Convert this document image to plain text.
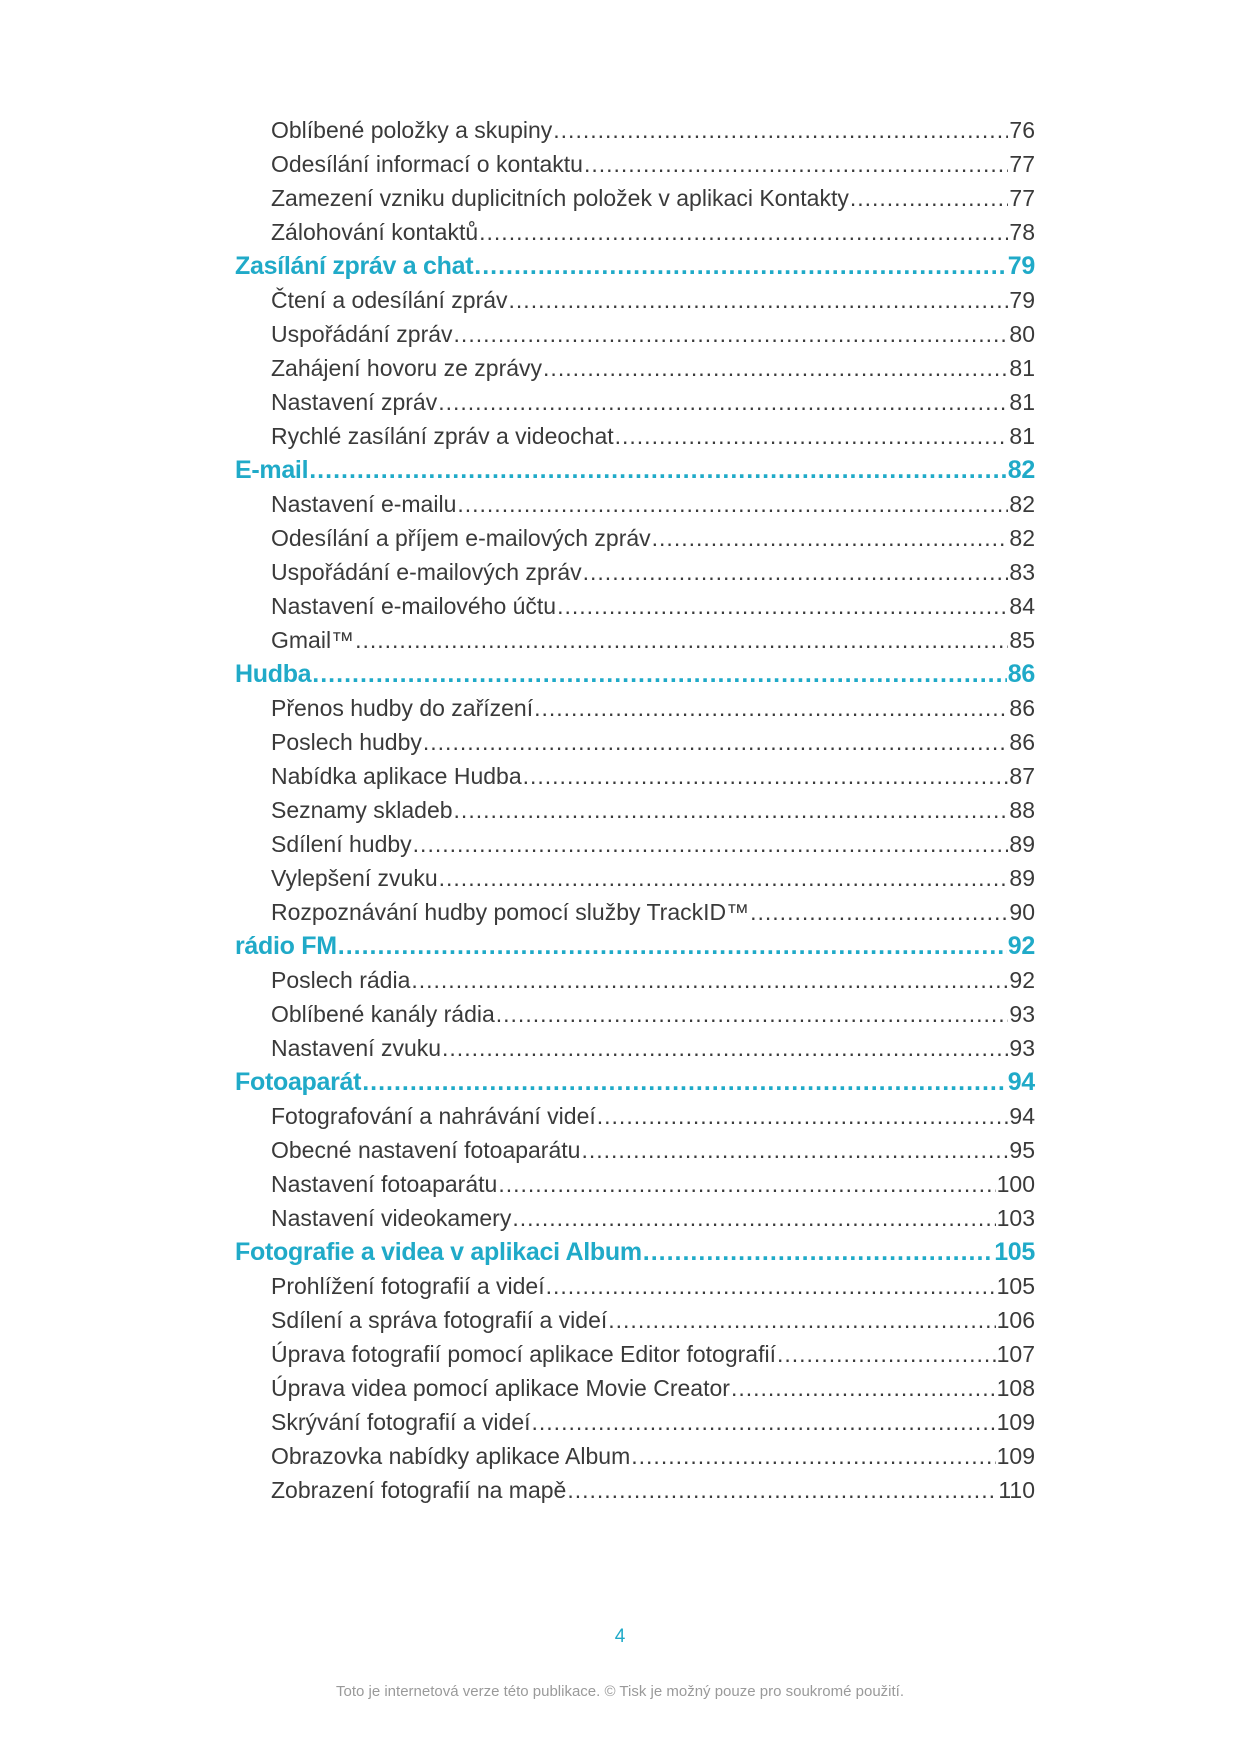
Oblíbené položky a skupiny .....	76
Odesílání informací o kontaktu .....	77
Zamezení vzniku duplicitních položek v aplikaci Kontakty .....	77
Zálohování kontaktů .....	78
Zasílání zpráv a chat .....	79
Čtení a odesílání zpráv .....	79
Uspořádání zpráv .....	80
Zahájení hovoru ze zprávy .....	81
Nastavení zpráv .....	81
Rychlé zasílání zpráv a videochat .....	81
E-mail .....	82
Nastavení e-mailu .....	82
Odesílání a příjem e-mailových zpráv .....	82
Uspořádání e-mailových zpráv .....	83
Nastavení e-mailového účtu .....	84
Gmail™ .....	85
Hudba .....	86
Přenos hudby do zařízení .....	86
Poslech hudby .....	86
Nabídka aplikace Hudba .....	87
Seznamy skladeb .....	88
Sdílení hudby .....	89
Vylepšení zvuku .....	89
Rozpoznávání hudby pomocí služby TrackID™ .....	90
rádio FM .....	92
Poslech rádia .....	92
Oblíbené kanály rádia .....	93
Nastavení zvuku .....	93
Fotoaparát .....	94
Fotografování a nahrávání videí .....	94
Obecné nastavení fotoaparátu .....	95
Nastavení fotoaparátu .....	100
Nastavení videokamery .....	103
Fotografie a videa v aplikaci Album .....	105
Prohlížení fotografií a videí .....	105
Sdílení a správa fotografií a videí .....	106
Úprava fotografií pomocí aplikace Editor fotografií .....	107
Úprava videa pomocí aplikace Movie Creator .....	108
Skrývání fotografií a videí .....	109
Obrazovka nabídky aplikace Album .....	109
Zobrazení fotografií na mapě .....	110
4
Toto je internetová verze této publikace. © Tisk je možný pouze pro soukromé použití.
